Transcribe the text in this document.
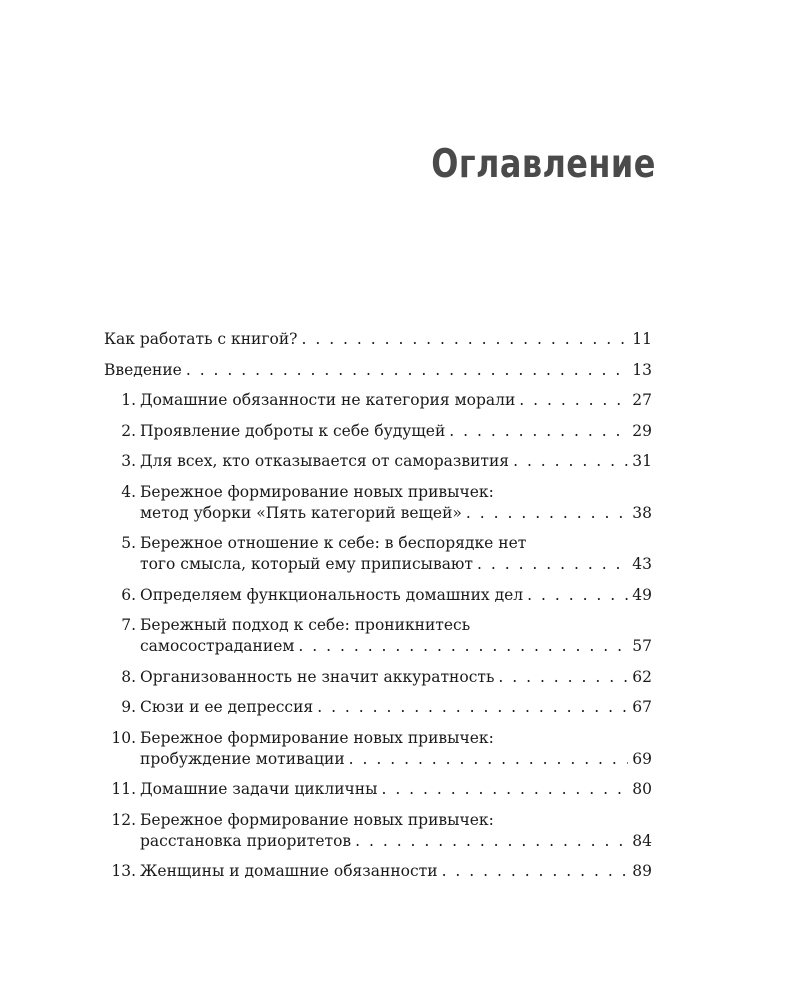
Оглавление
Как работать с книгой? . . .	11
Введение . . .	13
1. Домашние обязанности не категория морали . . .	27
2. Проявление доброты к себе будущей . . .	29
3. Для всех, кто отказывается от саморазвития . . .	31
4. Бережное формирование новых привычек:
метод уборки «Пять категорий вещей» . . .	38
5. Бережное отношение к себе: в беспорядке нет
того смысла, который ему приписывают . . .	43
6. Определяем функциональность домашних дел . . .	49
7. Бережный подход к себе: проникнитесь
самосостраданием . . .	57
8. Организованность не значит аккуратность . . .	62
9. Сюзи и ее депрессия . . .	67
10. Бережное формирование новых привычек:
пробуждение мотивации . . .	69
11. Домашние задачи цикличны . . .	80
12. Бережное формирование новых привычек:
расстановка приоритетов . . .	84
13. Женщины и домашние обязанности . . .	89
